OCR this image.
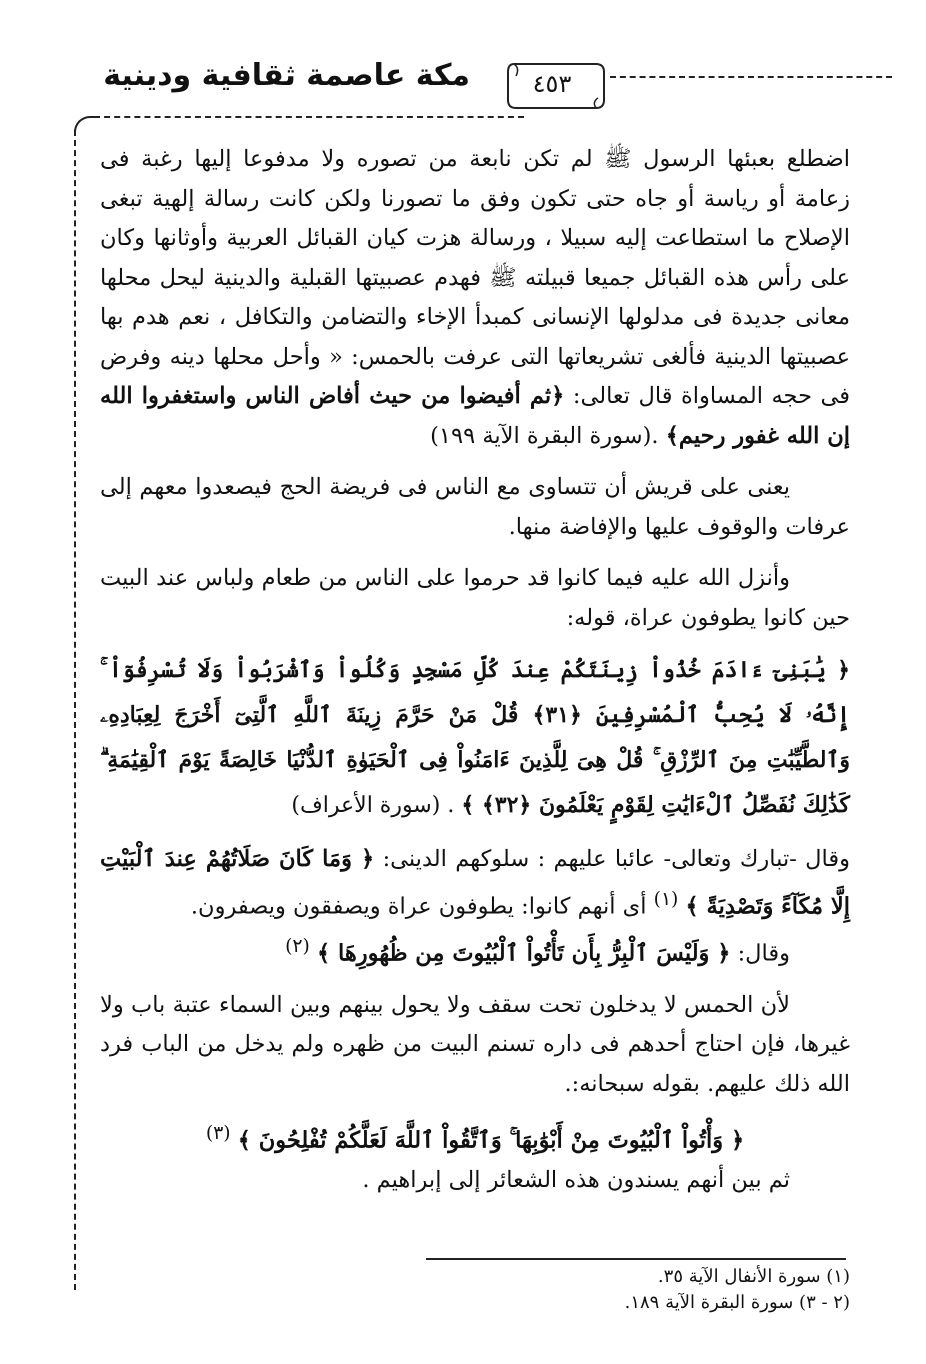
مكة عاصمة ثقافية ودينية	٤٥٣

اضطلع بعبئها الرسول ﷺ لم تكن نابعة من تصوره ولا مدفوعا إليها رغبة فى زعامة أو رياسة أو جاه حتى تكون وفق ما تصورنا ولكن كانت رسالة إلهية تبغى الإصلاح ما استطاعت إليه سبيلا ، ورسالة هزت كيان القبائل العربية وأوثانها وكان على رأس هذه القبائل جميعا قبيلته ﷺ فهدم عصبيتها القبلية والدينية ليحل محلها معانى جديدة فى مدلولها الإنسانى كمبدأ الإخاء والتضامن والتكافل ، نعم هدم بها عصبيتها الدينية فألغى تشريعاتها التى عرفت بالحمس: « وأحل محلها دينه وفرض فى حجه المساواة قال تعالى: ﴿ثم أفيضوا من حيث أفاض الناس واستغفروا الله إن الله غفور رحيم﴾ .(سورة البقرة الآية ١٩٩)

يعنى على قريش أن تتساوى مع الناس فى فريضة الحج فيصعدوا معهم إلى عرفات والوقوف عليها والإفاضة منها.

وأنزل الله عليه فيما كانوا قد حرموا على الناس من طعام ولباس عند البيت حين كانوا يطوفون عراة، قوله:

﴿ يَٰبَنِىٓ ءَادَمَ خُذُواْ زِينَتَكُمْ عِندَ كُلِّ مَسْجِدٍ وَكُلُواْ وَٱشْرَبُواْ وَلَا تُسْرِفُوٓاْ ۚ إِنَّهُۥ لَا يُحِبُّ ٱلْمُسْرِفِينَ ﴿٣١﴾ قُلْ مَنْ حَرَّمَ زِينَةَ ٱللَّهِ ٱلَّتِىٓ أَخْرَجَ لِعِبَادِهِۦ وَٱلطَّيِّبَٰتِ مِنَ ٱلرِّزْقِ ۚ قُلْ هِىَ لِلَّذِينَ ءَامَنُواْ فِى ٱلْحَيَوٰةِ ٱلدُّنْيَا خَالِصَةً يَوْمَ ٱلْقِيَٰمَةِ ۗ كَذَٰلِكَ نُفَصِّلُ ٱلْءَايَٰتِ لِقَوْمٍ يَعْلَمُونَ ﴿٣٢﴾ ﴾ . (سورة الأعراف)

وقال -تبارك وتعالى- عائبا عليهم : سلوكهم الدينى: ﴿ وَمَا كَانَ صَلَاتُهُمْ عِندَ ٱلْبَيْتِ إِلَّا مُكَآءً وَتَصْدِيَةً ﴾ $^{(١)}$ أى أنهم كانوا: يطوفون عراة ويصفقون ويصفرون.

وقال: ﴿ وَلَيْسَ ٱلْبِرُّ بِأَن تَأْتُواْ ٱلْبُيُوتَ مِن ظُهُورِهَا ﴾ $^{(٢)}$

لأن الحمس لا يدخلون تحت سقف ولا يحول بينهم وبين السماء عتبة باب ولا غيرها، فإن احتاج أحدهم فى داره تسنم البيت من ظهره ولم يدخل من الباب فرد الله ذلك عليهم. بقوله سبحانه:.

﴿ وَأْتُواْ ٱلْبُيُوتَ مِنْ أَبْوَٰبِهَا ۚ وَٱتَّقُواْ ٱللَّهَ لَعَلَّكُمْ تُفْلِحُونَ ﴾ $^{(٣)}$

ثم بين أنهم يسندون هذه الشعائر إلى إبراهيم .

(١) سورة الأنفال الآية ٣٥.

(٢ - ٣) سورة البقرة الآية ١٨٩.
